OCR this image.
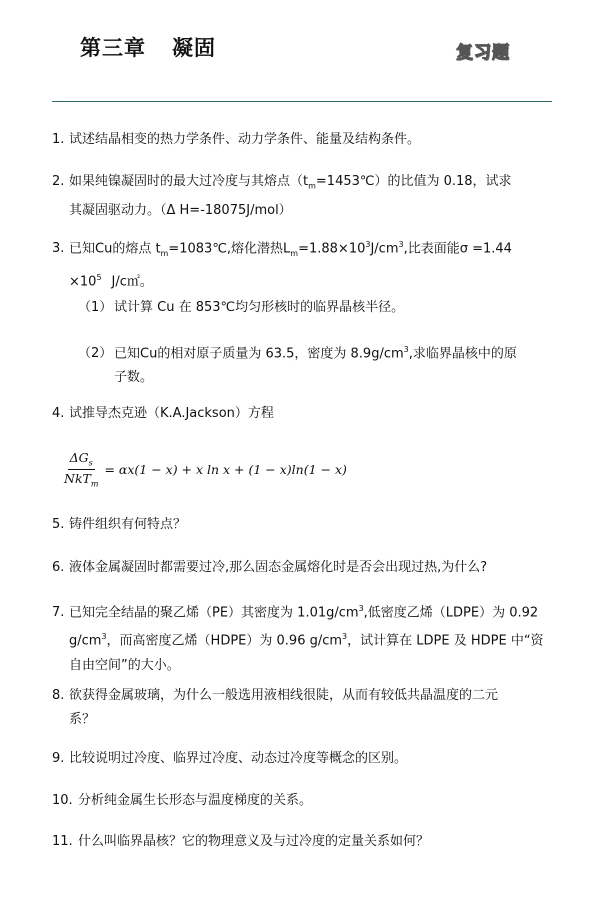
第三章 凝固	复习题
1. 试述结晶相变的热力学条件、动力学条件、能量及结构条件。
2. 如果纯镍凝固时的最大过冷度与其熔点$(t_m=1453℃)$的比值为 0.18，试求
其凝固驱动力。（Δ H=-18075J/mol）
3. 已知Cu的熔点 $t_m=1083℃$,熔化潜热$L_m=1.88\times 10^3J/cm^3$,比表面能σ =1.44
$\times 10^5$ J/c㎡。
（1） 试计算 Cu 在 853℃均匀形核时的临界晶核半径。
（2） 已知Cu的相对原子质量为 63.5，密度为 $8.9g/cm^3$,求临界晶核中的原
子数。
4. 试推导杰克逊（K.A.Jackson）方程
$\frac{\Delta G_s}{NkT_m} = \alpha x(1 - x) + x$ ln x + (1 − x)ln(1 − x)
5. 铸件组织有何特点？
6. 液体金属凝固时都需要过冷,那么固态金属熔化时是否会出现过热,为什么?
7. 已知完全结晶的聚乙烯（PE）其密度为 $1.01g/cm^3$,低密度乙烯（LDPE）为 0.92
$g/cm^3$，而高密度乙烯（HDPE）为 0.96 $g/cm^3$，试计算在 LDPE 及 HDPE 中“资
自由空间”的大小。
8. 欲获得金属玻璃，为什么一般选用液相线很陡，从而有较低共晶温度的二元
系？
9. 比较说明过冷度、临界过冷度、动态过冷度等概念的区别。
10. 分析纯金属生长形态与温度梯度的关系。
11. 什么叫临界晶核？它的物理意义及与过冷度的定量关系如何？
